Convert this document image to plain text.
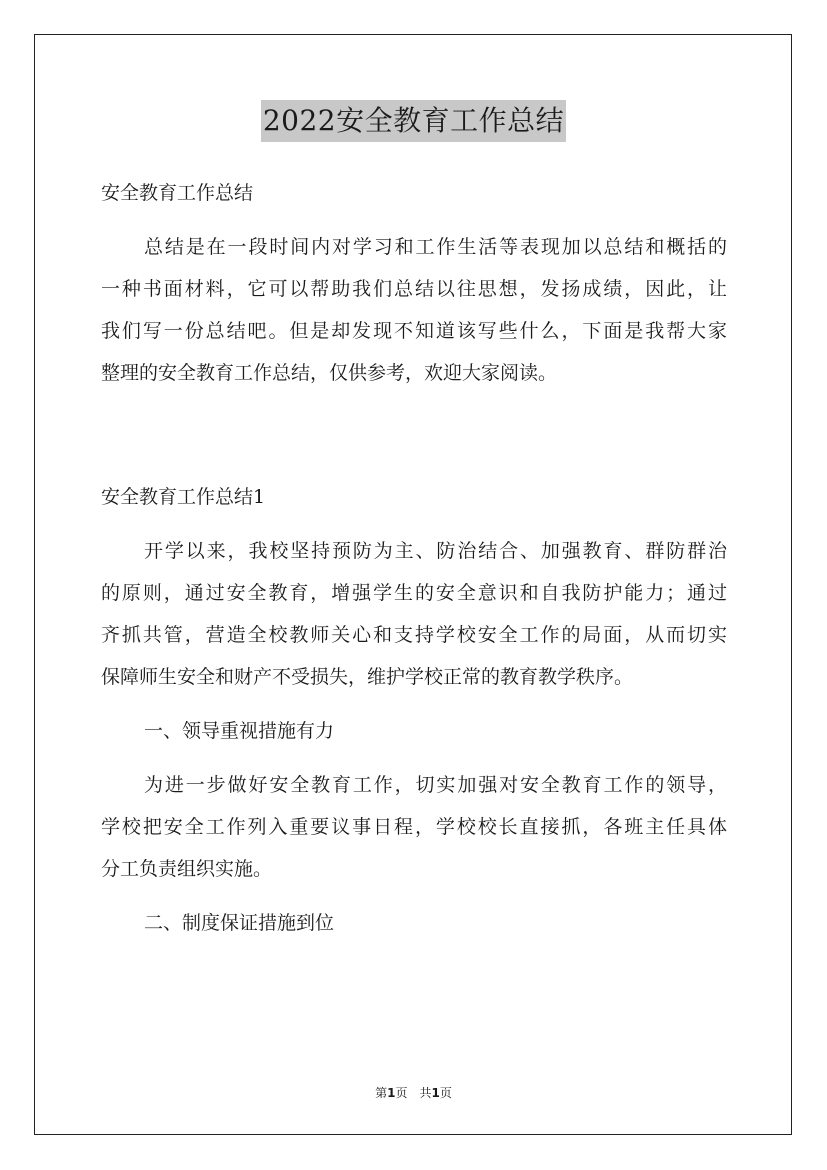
2022安全教育工作总结
安全教育工作总结
总结是在一段时间内对学习和工作生活等表现加以总结和概括的
一种书面材料，它可以帮助我们总结以往思想，发扬成绩，因此，让
我们写一份总结吧。但是却发现不知道该写些什么，下面是我帮大家
整理的安全教育工作总结，仅供参考，欢迎大家阅读。
安全教育工作总结1
开学以来，我校坚持预防为主、防治结合、加强教育、群防群治
的原则，通过安全教育，增强学生的安全意识和自我防护能力；通过
齐抓共管，营造全校教师关心和支持学校安全工作的局面，从而切实
保障师生安全和财产不受损失，维护学校正常的教育教学秩序。
一、领导重视措施有力
为进一步做好安全教育工作，切实加强对安全教育工作的领导，
学校把安全工作列入重要议事日程，学校校长直接抓，各班主任具体
分工负责组织实施。
二、制度保证措施到位
第1页　共1页
